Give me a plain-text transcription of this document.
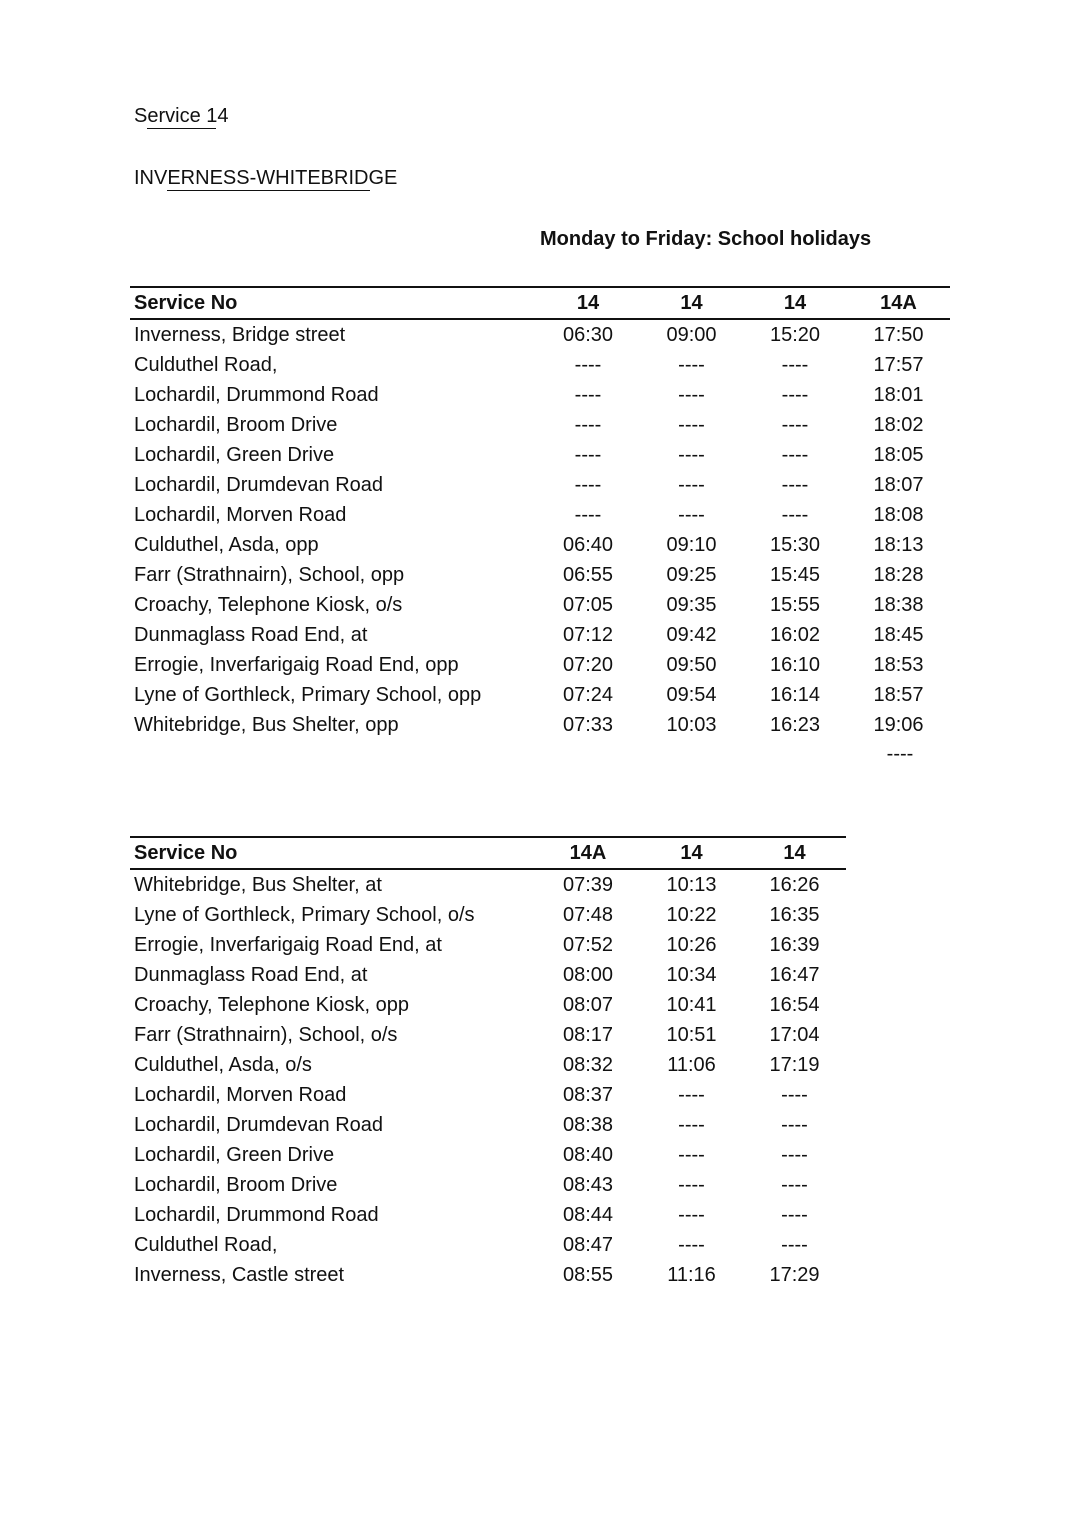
Service 14
INVERNESS-WHITEBRIDGE
Monday to Friday: School holidays
Service No	14	14	14	14A
Inverness, Bridge street	06:30	09:00	15:20	17:50
Culduthel Road,	----	----	----	17:57
Lochardil, Drummond Road	----	----	----	18:01
Lochardil, Broom Drive	----	----	----	18:02
Lochardil, Green Drive	----	----	----	18:05
Lochardil, Drumdevan Road	----	----	----	18:07
Lochardil, Morven Road	----	----	----	18:08
Culduthel, Asda, opp	06:40	09:10	15:30	18:13
Farr (Strathnairn), School, opp	06:55	09:25	15:45	18:28
Croachy, Telephone Kiosk, o/s	07:05	09:35	15:55	18:38
Dunmaglass Road End, at	07:12	09:42	16:02	18:45
Errogie, Inverfarigaig Road End, opp	07:20	09:50	16:10	18:53
Lyne of Gorthleck, Primary School, opp	07:24	09:54	16:14	18:57
Whitebridge, Bus Shelter, opp	07:33	10:03	16:23	19:06
----
Service No	14A	14	14
Whitebridge, Bus Shelter, at	07:39	10:13	16:26
Lyne of Gorthleck, Primary School, o/s	07:48	10:22	16:35
Errogie, Inverfarigaig Road End, at	07:52	10:26	16:39
Dunmaglass Road End, at	08:00	10:34	16:47
Croachy, Telephone Kiosk, opp	08:07	10:41	16:54
Farr (Strathnairn), School, o/s	08:17	10:51	17:04
Culduthel, Asda, o/s	08:32	11:06	17:19
Lochardil, Morven Road	08:37	----	----
Lochardil, Drumdevan Road	08:38	----	----
Lochardil, Green Drive	08:40	----	----
Lochardil, Broom Drive	08:43	----	----
Lochardil, Drummond Road	08:44	----	----
Culduthel Road,	08:47	----	----
Inverness, Castle street	08:55	11:16	17:29
